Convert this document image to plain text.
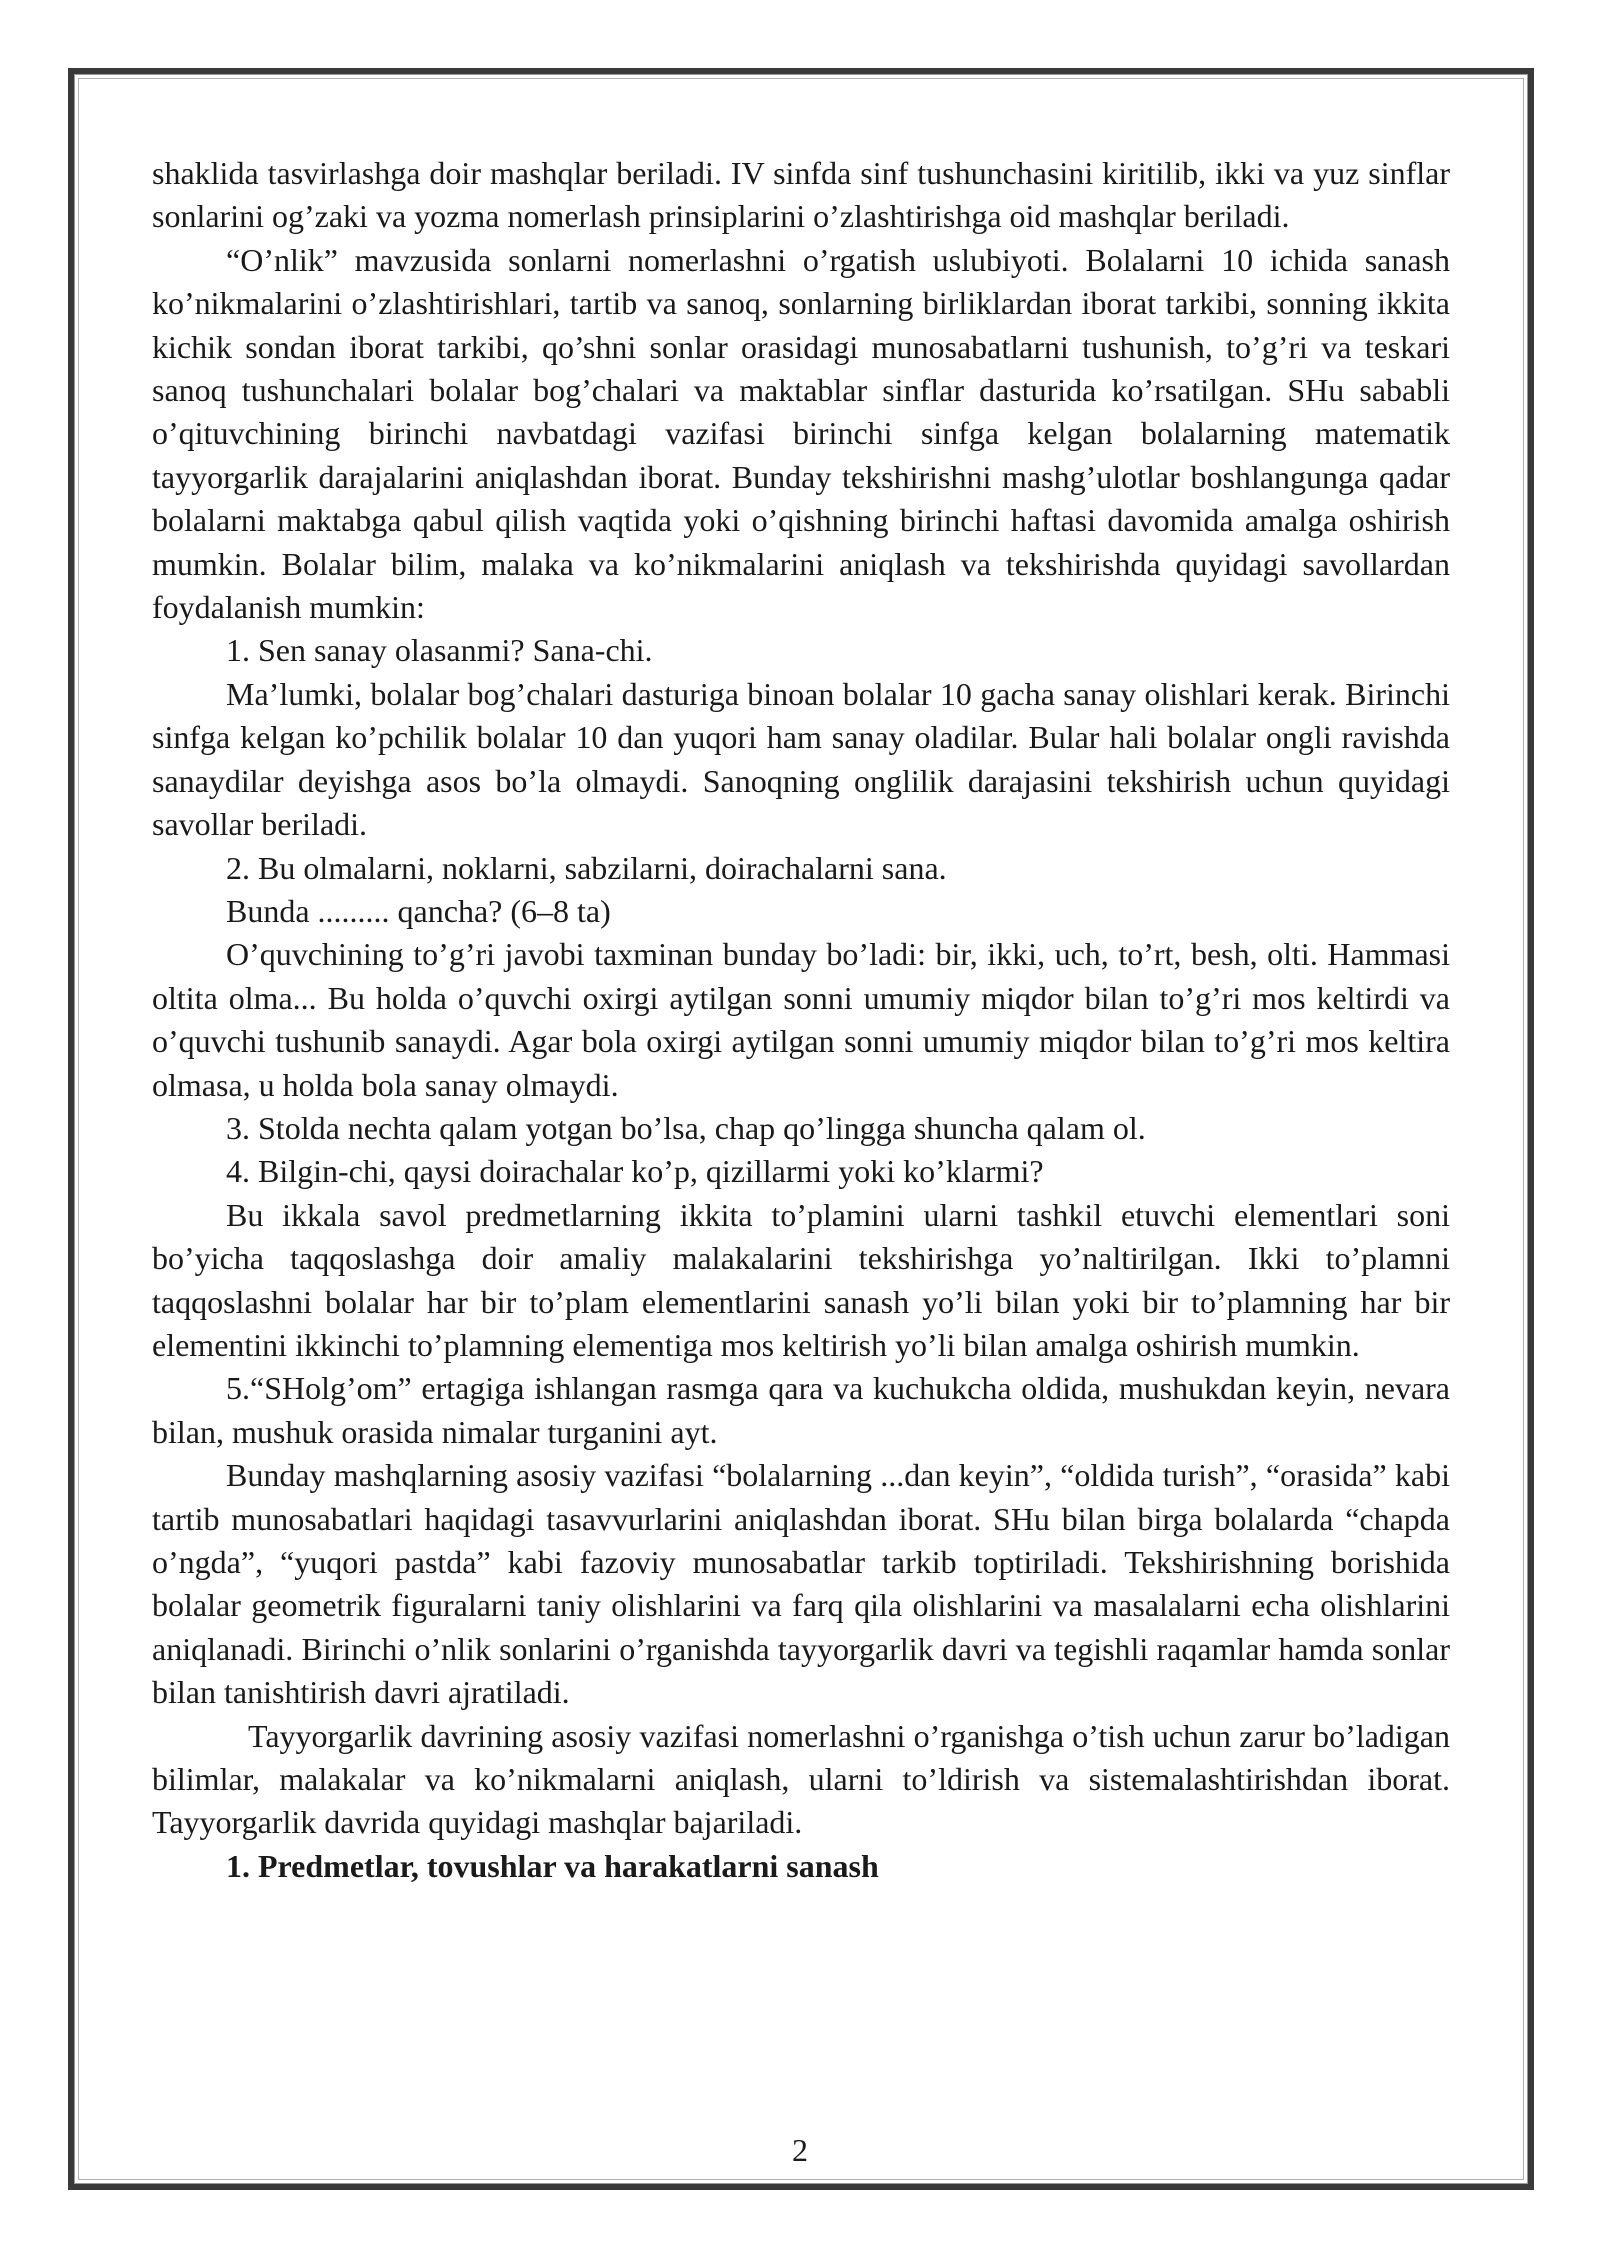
shaklida tasvirlashga doir mashqlar beriladi. IV sinfda sinf tushunchasini kiritilib, ikki va yuz sinflar sonlarini og’zaki va yozma nomerlash prinsiplarini o’zlashtirishga oid mashqlar beriladi.

“O’nlik” mavzusida sonlarni nomerlashni o’rgatish uslubiyoti. Bolalarni 10 ichida sanash ko’nikmalarini o’zlashtirishlari, tartib va sanoq, sonlarning birliklardan iborat tarkibi, sonning ikkita kichik sondan iborat tarkibi, qo’shni sonlar orasidagi munosabatlarni tushunish, to’g’ri va teskari sanoq tushunchalari bolalar bog’chalari va maktablar sinflar dasturida ko’rsatilgan. SHu sababli o’qituvchining birinchi navbatdagi vazifasi birinchi sinfga kelgan bolalarning matematik tayyorgarlik darajalarini aniqlashdan iborat. Bunday tekshirishni mashg’ulotlar boshlangunga qadar bolalarni maktabga qabul qilish vaqtida yoki o’qishning birinchi haftasi davomida amalga oshirish mumkin. Bolalar bilim, malaka va ko’nikmalarini aniqlash va tekshirishda quyidagi savollardan foydalanish mumkin:

1. Sen sanay olasanmi? Sana-chi.

Ma’lumki, bolalar bog’chalari dasturiga binoan bolalar 10 gacha sanay olishlari kerak. Birinchi sinfga kelgan ko’pchilik bolalar 10 dan yuqori ham sanay oladilar. Bular hali bolalar ongli ravishda sanaydilar deyishga asos bo’la olmaydi. Sanoqning onglilik darajasini tekshirish uchun quyidagi savollar beriladi.

2. Bu olmalarni, noklarni, sabzilarni, doirachalarni sana.

Bunda ......... qancha? (6–8 ta)

O’quvchining to’g’ri javobi taxminan bunday bo’ladi: bir, ikki, uch, to’rt, besh, olti. Hammasi oltita olma... Bu holda o’quvchi oxirgi aytilgan sonni umumiy miqdor bilan to’g’ri mos keltirdi va o’quvchi tushunib sanaydi. Agar bola oxirgi aytilgan sonni umumiy miqdor bilan to’g’ri mos keltira olmasa, u holda bola sanay olmaydi.

3. Stolda nechta qalam yotgan bo’lsa, chap qo’lingga shuncha qalam ol.

4. Bilgin-chi, qaysi doirachalar ko’p, qizillarmi yoki ko’klarmi?

Bu ikkala savol predmetlarning ikkita to’plamini ularni tashkil etuvchi elementlari soni bo’yicha taqqoslashga doir amaliy malakalarini tekshirishga yo’naltirilgan. Ikki to’plamni taqqoslashni bolalar har bir to’plam elementlarini sanash yo’li bilan yoki bir to’plamning har bir elementini ikkinchi to’plamning elementiga mos keltirish yo’li bilan amalga oshirish mumkin.

5.“SHolg’om” ertagiga ishlangan rasmga qara va kuchukcha oldida, mushukdan keyin, nevara bilan, mushuk orasida nimalar turganini ayt.

Bunday mashqlarning asosiy vazifasi “bolalarning ...dan keyin”, “oldida turish”, “orasida” kabi tartib munosabatlari haqidagi tasavvurlarini aniqlashdan iborat. SHu bilan birga bolalarda “chapda o’ngda”, “yuqori pastda” kabi fazoviy munosabatlar tarkib toptiriladi. Tekshirishning borishida bolalar geometrik figuralarni taniy olishlarini va farq qila olishlarini va masalalarni echa olishlarini aniqlanadi. Birinchi o’nlik sonlarini o’rganishda tayyorgarlik davri va tegishli raqamlar hamda sonlar bilan tanishtirish davri ajratiladi.

Tayyorgarlik davrining asosiy vazifasi nomerlashni o’rganishga o’tish uchun zarur bo’ladigan bilimlar, malakalar va ko’nikmalarni aniqlash, ularni to’ldirish va sistemalashtirishdan iborat. Tayyorgarlik davrida quyidagi mashqlar bajariladi.

1. Predmetlar, tovushlar va harakatlarni sanash

2
